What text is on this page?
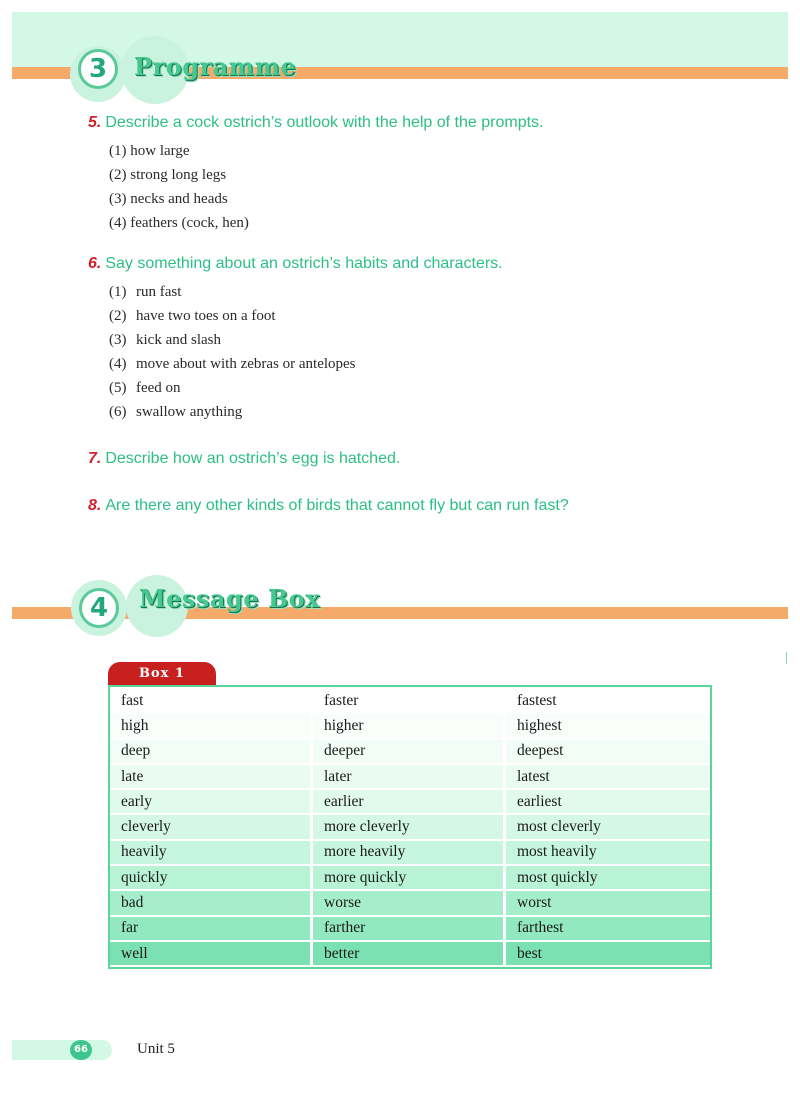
3	Programme
5. Describe a cock ostrich’s outlook with the help of the prompts.
(1) how large
(2) strong long legs
(3) necks and heads
(4) feathers (cock, hen)
6. Say something about an ostrich’s habits and characters.
(1) run fast
(2) have two toes on a foot
(3) kick and slash
(4) move about with zebras or antelopes
(5) feed on
(6) swallow anything
7. Describe how an ostrich’s egg is hatched.
8. Are there any other kinds of birds that cannot fly but can run fast?
4	Message Box
Box 1
fast	faster	fastest
high	higher	highest
deep	deeper	deepest
late	later	latest
early	earlier	earliest
cleverly	more cleverly	most cleverly
heavily	more heavily	most heavily
quickly	more quickly	most quickly
bad	worse	worst
far	farther	farthest
well	better	best
66	Unit 5
